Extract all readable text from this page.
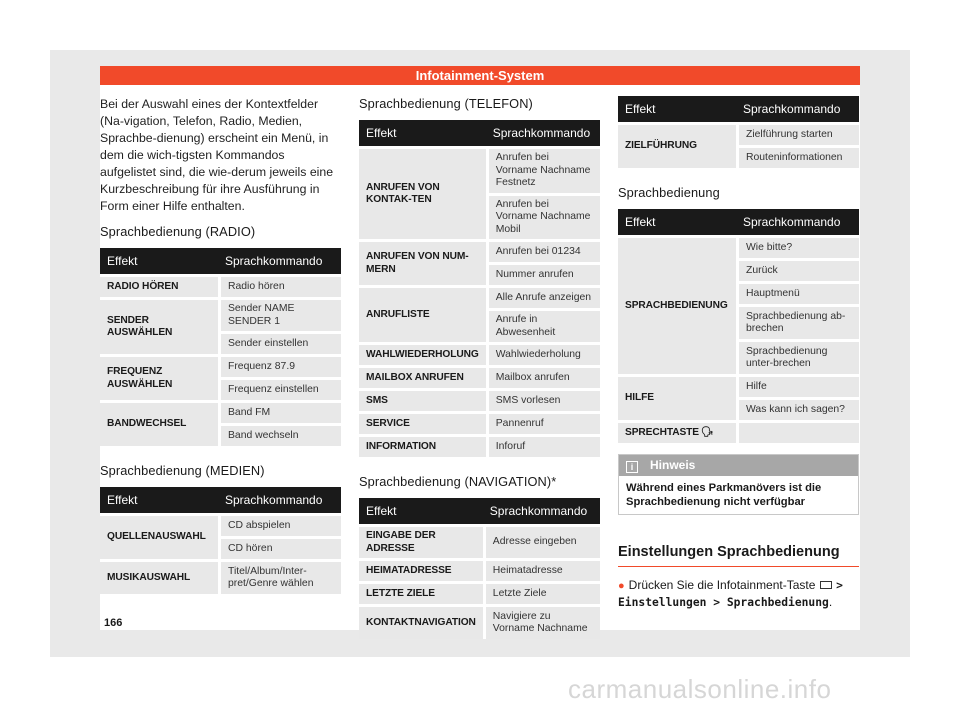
Infotainment-System

Bei der Auswahl eines der Kontextfelder (Na-vigation, Telefon, Radio, Medien, Sprachbe-dienung) erscheint ein Menü, in dem die wich-tigsten Kommandos aufgelistet sind, die wie-derum jeweils eine Kurzbeschreibung für ihre Ausführung in Form einer Hilfe enthalten.

Sprachbedienung (RADIO)
Effekt	Sprachkommando
RADIO HÖREN	Radio hören
SENDER AUSWÄHLEN	Sender NAME SENDER 1
	Sender einstellen
FREQUENZ AUSWÄHLEN	Frequenz 87.9
	Frequenz einstellen
BANDWECHSEL	Band FM
	Band wechseln
Sprachbedienung (MEDIEN)
Effekt	Sprachkommando
QUELLENAUSWAHL	CD abspielen
	CD hören
MUSIKAUSWAHL	Titel/Album/Inter-pret/Genre wählen
Sprachbedienung (TELEFON)
Effekt	Sprachkommando
ANRUFEN VON KONTAK-TEN	Anrufen bei Vorname Nachname Festnetz
	Anrufen bei Vorname Nachname Mobil
ANRUFEN VON NUM-MERN	Anrufen bei 01234
	Nummer anrufen
ANRUFLISTE	Alle Anrufe anzeigen
	Anrufe in Abwesenheit
WAHLWIEDERHOLUNG	Wahlwiederholung
MAILBOX ANRUFEN	Mailbox anrufen
SMS	SMS vorlesen
SERVICE	Pannenruf
INFORMATION	Inforuf
Sprachbedienung (NAVIGATION)*
Effekt	Sprachkommando
EINGABE DER ADRESSE	Adresse eingeben
HEIMATADRESSE	Heimatadresse
LETZTE ZIELE	Letzte Ziele
KONTAKTNAVIGATION	Navigiere zu Vorname Nachname
Effekt	Sprachkommando
ZIELFÜHRUNG	Zielführung starten
	Routeninformationen
Sprachbedienung
Effekt	Sprachkommando
SPRACHBEDIENUNG	Wie bitte?
	Zurück
	Hauptmenü
	Sprachbedienung ab-brechen
	Sprachbedienung unter-brechen
HILFE	Hilfe
	Was kann ich sagen?
SPRECHTASTE 🗣	
i Hinweis
Während eines Parkmanövers ist die Sprachbedienung nicht verfügbar
Einstellungen Sprachbedienung
● Drücken Sie die Infotainment-Taste > Einstellungen > Sprachbedienung.
166
carmanualsonline.info
